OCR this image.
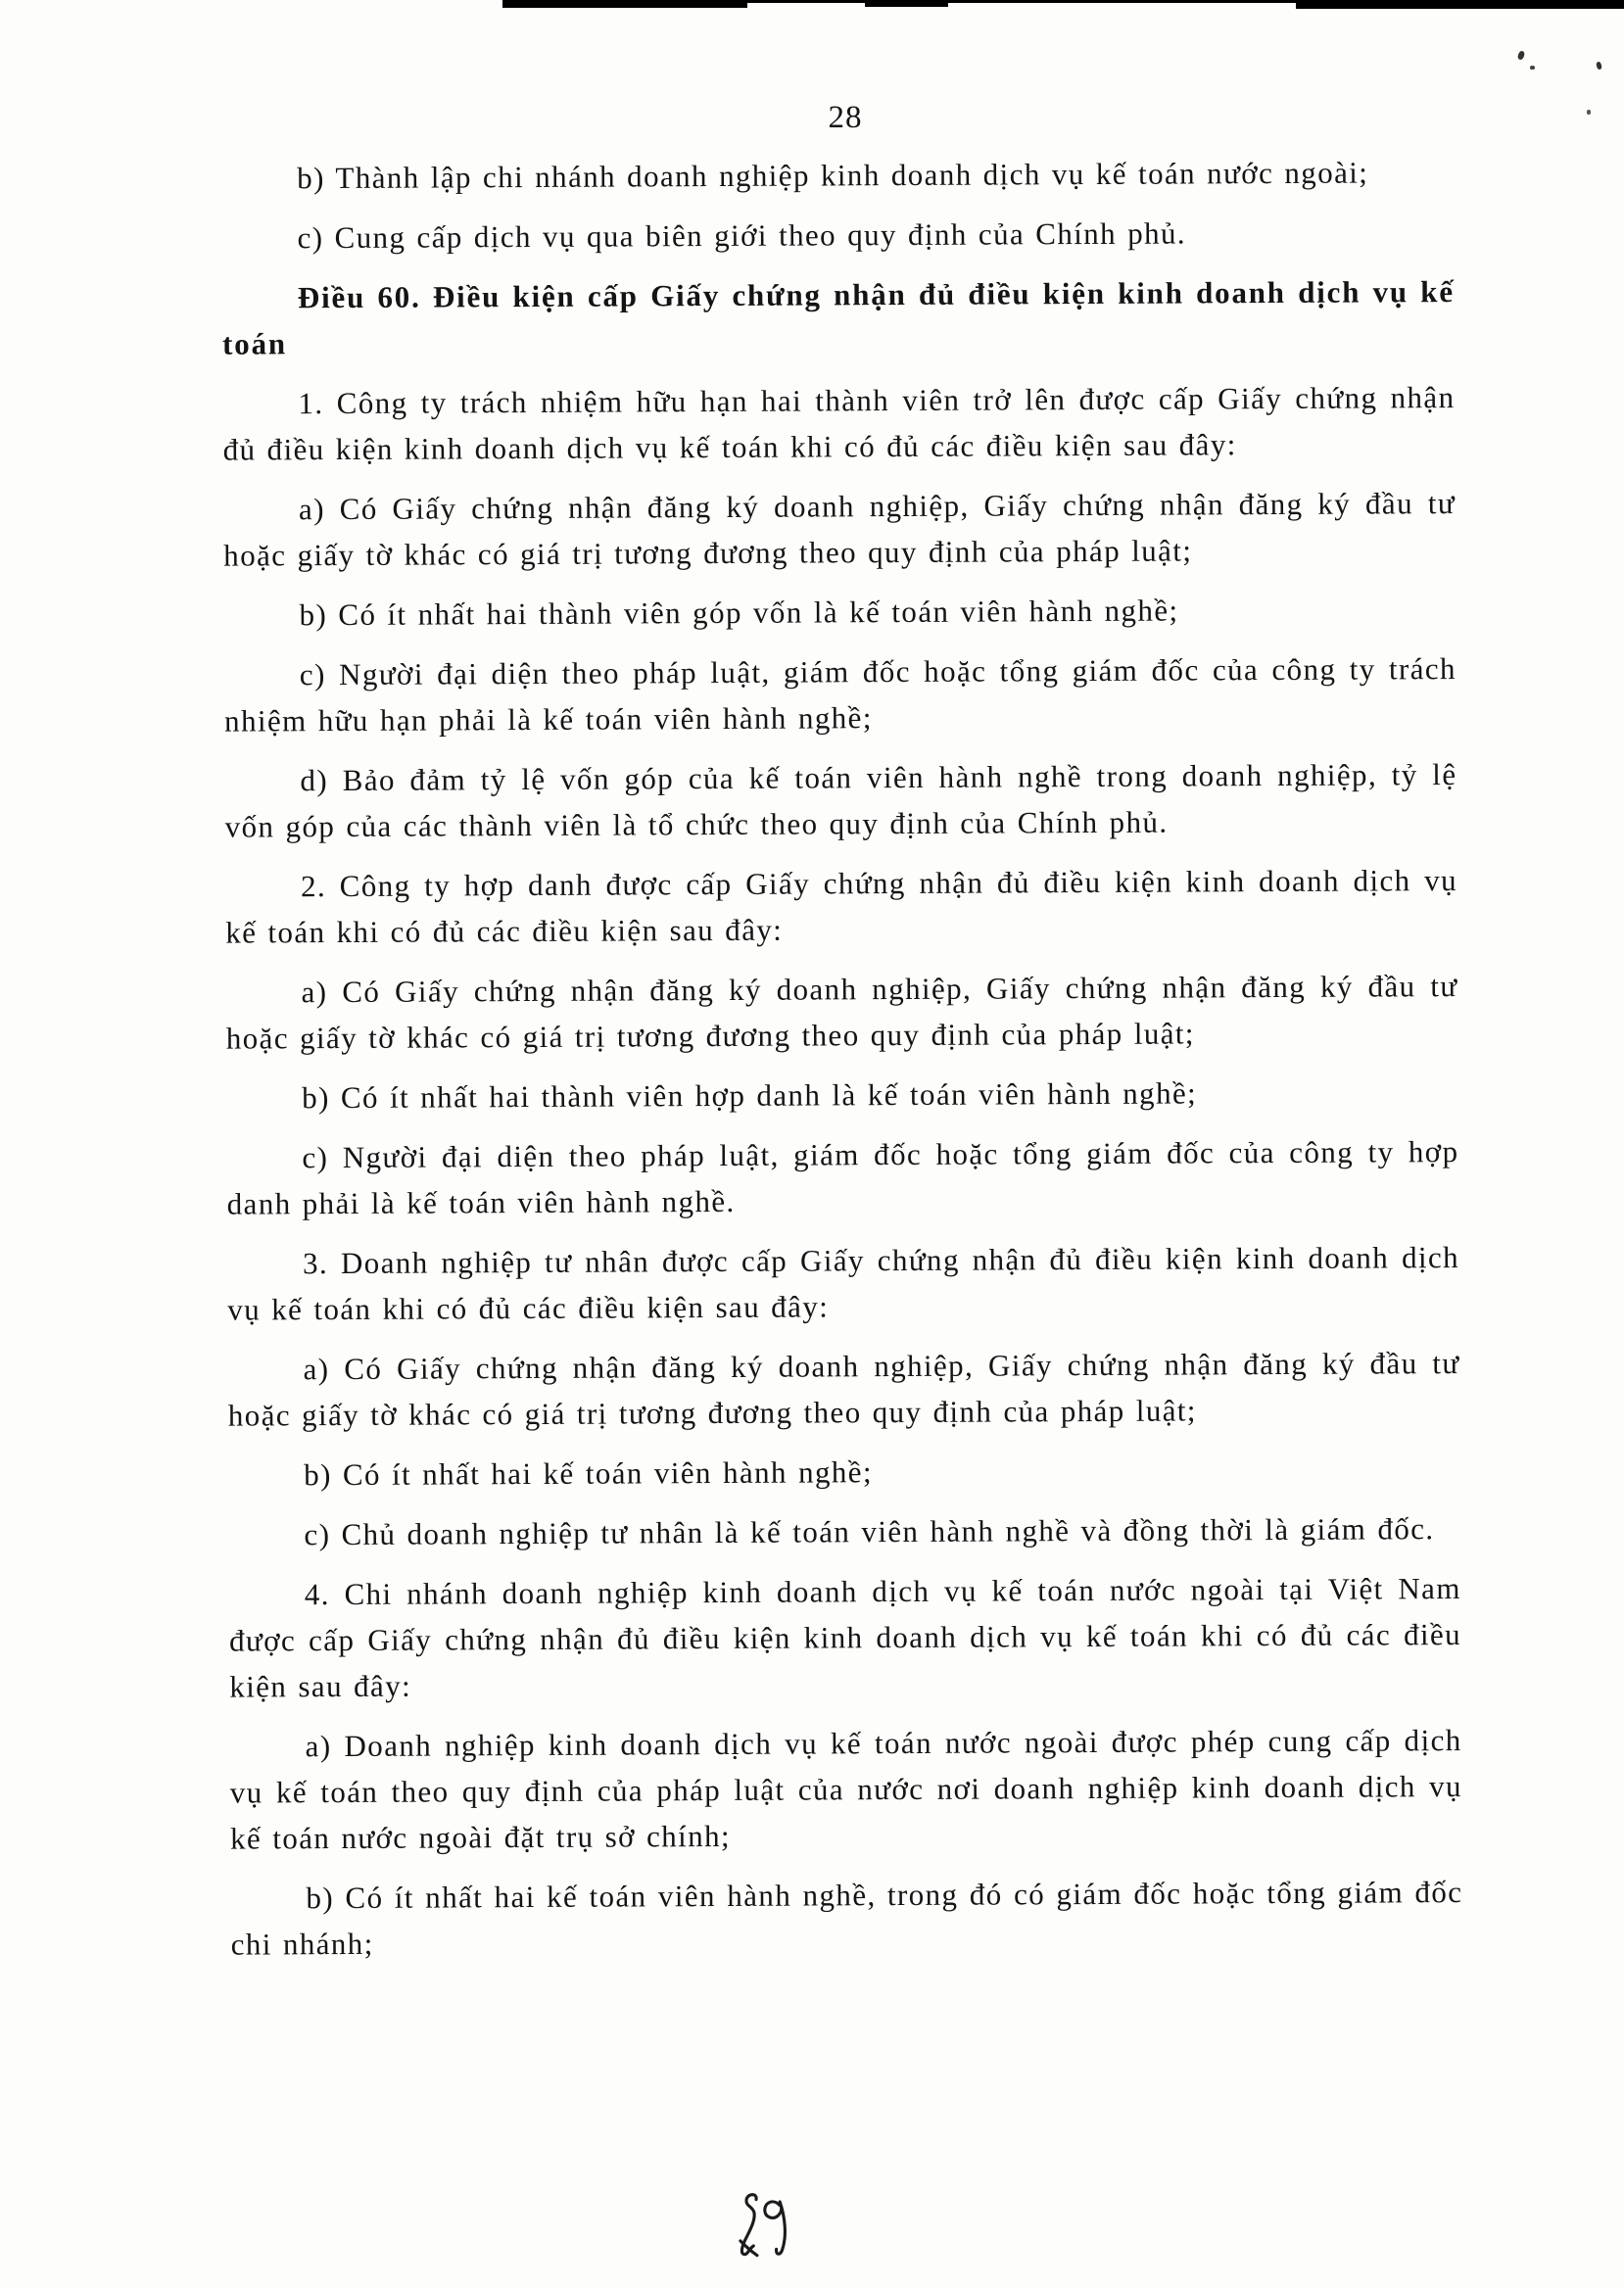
28

b) Thành lập chi nhánh doanh nghiệp kinh doanh dịch vụ kế toán nước ngoài;

c) Cung cấp dịch vụ qua biên giới theo quy định của Chính phủ.

Điều 60. Điều kiện cấp Giấy chứng nhận đủ điều kiện kinh doanh dịch vụ kế toán

1. Công ty trách nhiệm hữu hạn hai thành viên trở lên được cấp Giấy chứng nhận đủ điều kiện kinh doanh dịch vụ kế toán khi có đủ các điều kiện sau đây:

a) Có Giấy chứng nhận đăng ký doanh nghiệp, Giấy chứng nhận đăng ký đầu tư hoặc giấy tờ khác có giá trị tương đương theo quy định của pháp luật;

b) Có ít nhất hai thành viên góp vốn là kế toán viên hành nghề;

c) Người đại diện theo pháp luật, giám đốc hoặc tổng giám đốc của công ty trách nhiệm hữu hạn phải là kế toán viên hành nghề;

d) Bảo đảm tỷ lệ vốn góp của kế toán viên hành nghề trong doanh nghiệp, tỷ lệ vốn góp của các thành viên là tổ chức theo quy định của Chính phủ.

2. Công ty hợp danh được cấp Giấy chứng nhận đủ điều kiện kinh doanh dịch vụ kế toán khi có đủ các điều kiện sau đây:

a) Có Giấy chứng nhận đăng ký doanh nghiệp, Giấy chứng nhận đăng ký đầu tư hoặc giấy tờ khác có giá trị tương đương theo quy định của pháp luật;

b) Có ít nhất hai thành viên hợp danh là kế toán viên hành nghề;

c) Người đại diện theo pháp luật, giám đốc hoặc tổng giám đốc của công ty hợp danh phải là kế toán viên hành nghề.

3. Doanh nghiệp tư nhân được cấp Giấy chứng nhận đủ điều kiện kinh doanh dịch vụ kế toán khi có đủ các điều kiện sau đây:

a) Có Giấy chứng nhận đăng ký doanh nghiệp, Giấy chứng nhận đăng ký đầu tư hoặc giấy tờ khác có giá trị tương đương theo quy định của pháp luật;

b) Có ít nhất hai kế toán viên hành nghề;

c) Chủ doanh nghiệp tư nhân là kế toán viên hành nghề và đồng thời là giám đốc.

4. Chi nhánh doanh nghiệp kinh doanh dịch vụ kế toán nước ngoài tại Việt Nam được cấp Giấy chứng nhận đủ điều kiện kinh doanh dịch vụ kế toán khi có đủ các điều kiện sau đây:

a) Doanh nghiệp kinh doanh dịch vụ kế toán nước ngoài được phép cung cấp dịch vụ kế toán theo quy định của pháp luật của nước nơi doanh nghiệp kinh doanh dịch vụ kế toán nước ngoài đặt trụ sở chính;

b) Có ít nhất hai kế toán viên hành nghề, trong đó có giám đốc hoặc tổng giám đốc chi nhánh;
